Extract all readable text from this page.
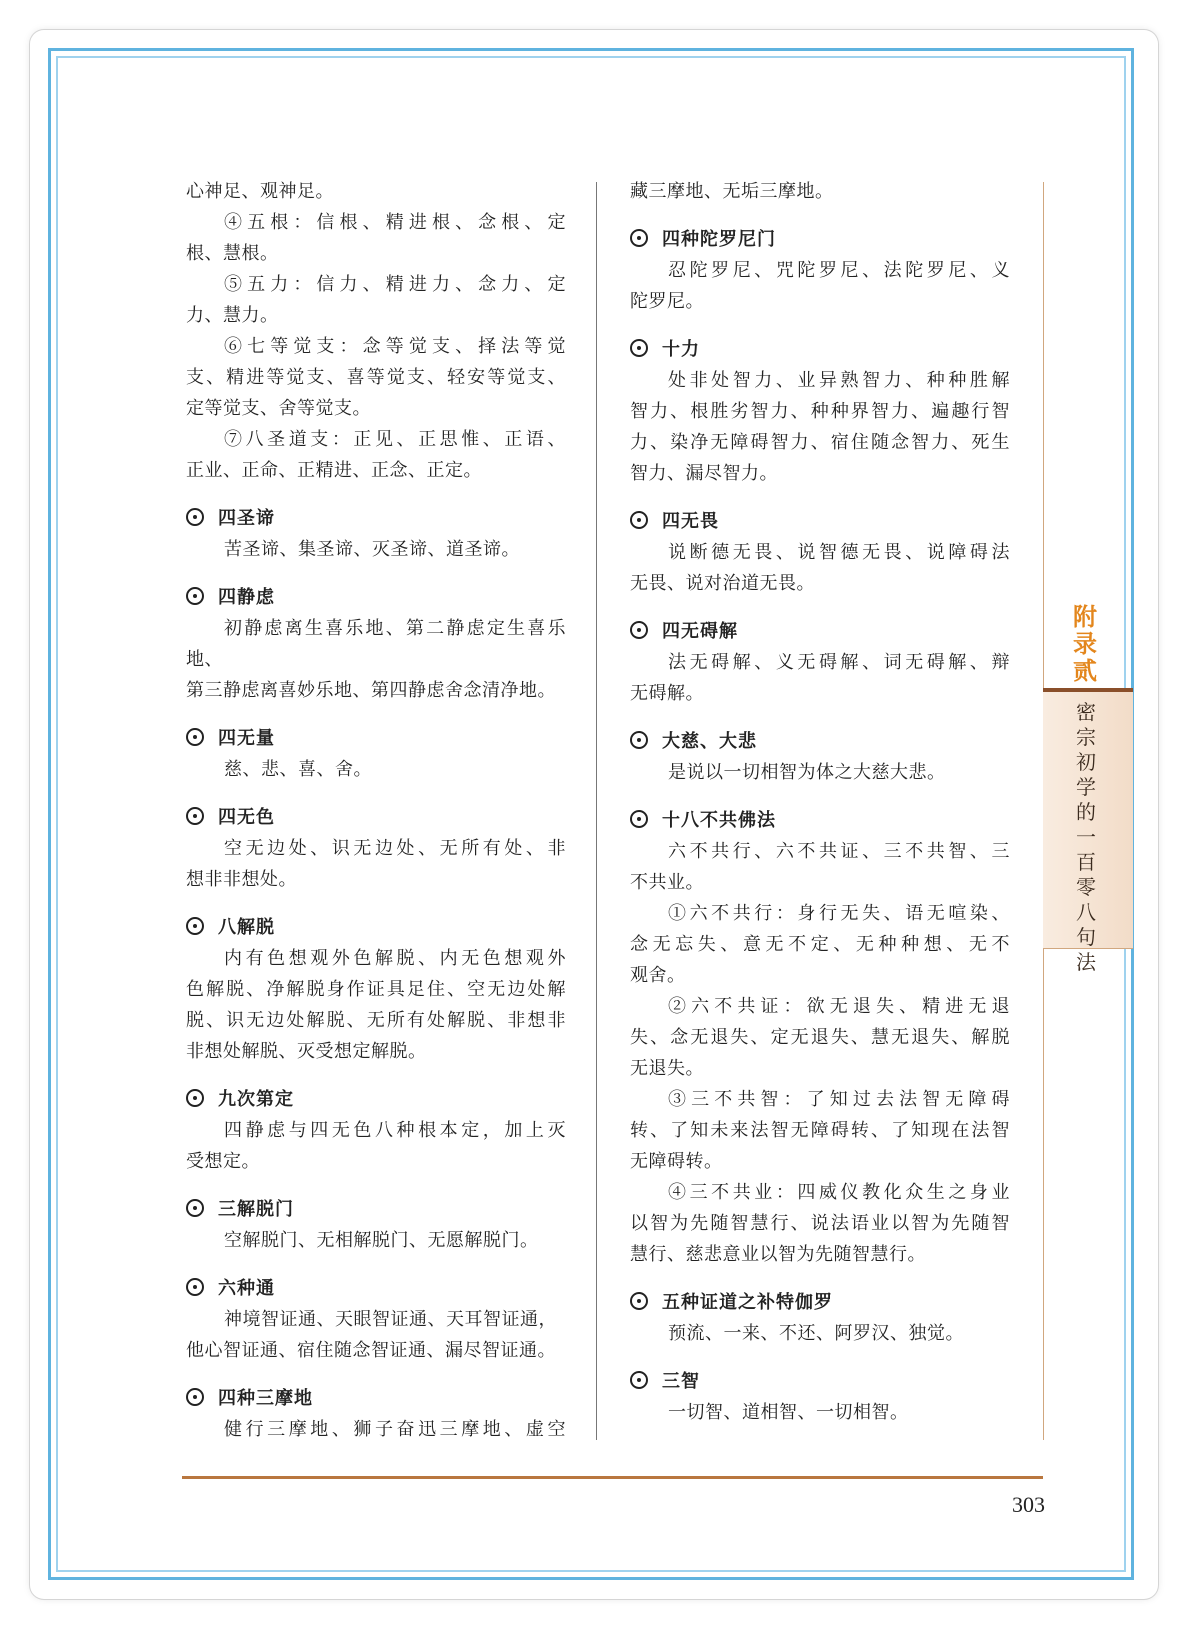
心神足、观神足。

④五根：信根、精进根、念根、定

根、慧根。

⑤五力：信力、精进力、念力、定

力、慧力。

⑥七等觉支：念等觉支、择法等觉

支、精进等觉支、喜等觉支、轻安等觉支、

定等觉支、舍等觉支。

⑦八圣道支：正见、正思惟、正语、

正业、正命、正精进、正念、正定。

四圣谛

苦圣谛、集圣谛、灭圣谛、道圣谛。

四静虑

初静虑离生喜乐地、第二静虑定生喜乐地、

第三静虑离喜妙乐地、第四静虑舍念清净地。

四无量

慈、悲、喜、舍。

四无色

空无边处、识无边处、无所有处、非

想非非想处。

八解脱

内有色想观外色解脱、内无色想观外

色解脱、净解脱身作证具足住、空无边处解

脱、识无边处解脱、无所有处解脱、非想非

非想处解脱、灭受想定解脱。

九次第定

四静虑与四无色八种根本定，加上灭

受想定。

三解脱门

空解脱门、无相解脱门、无愿解脱门。

六种通

神境智证通、天眼智证通、天耳智证通，

他心智证通、宿住随念智证通、漏尽智证通。

四种三摩地

健行三摩地、狮子奋迅三摩地、虚空

藏三摩地、无垢三摩地。

四种陀罗尼门

忍陀罗尼、咒陀罗尼、法陀罗尼、义

陀罗尼。

十力

处非处智力、业异熟智力、种种胜解

智力、根胜劣智力、种种界智力、遍趣行智

力、染净无障碍智力、宿住随念智力、死生

智力、漏尽智力。

四无畏

说断德无畏、说智德无畏、说障碍法

无畏、说对治道无畏。

四无碍解

法无碍解、义无碍解、词无碍解、辩

无碍解。

大慈、大悲

是说以一切相智为体之大慈大悲。

十八不共佛法

六不共行、六不共证、三不共智、三

不共业。

①六不共行：身行无失、语无喧染、

念无忘失、意无不定、无种种想、无不

观舍。

②六不共证：欲无退失、精进无退

失、念无退失、定无退失、慧无退失、解脱

无退失。

③三不共智：了知过去法智无障碍

转、了知未来法智无障碍转、了知现在法智

无障碍转。

④三不共业：四威仪教化众生之身业

以智为先随智慧行、说法语业以智为先随智

慧行、慈悲意业以智为先随智慧行。

五种证道之补特伽罗

预流、一来、不还、阿罗汉、独觉。

三智

一切智、道相智、一切相智。

附录贰
密宗初学的一百零八句法
303
